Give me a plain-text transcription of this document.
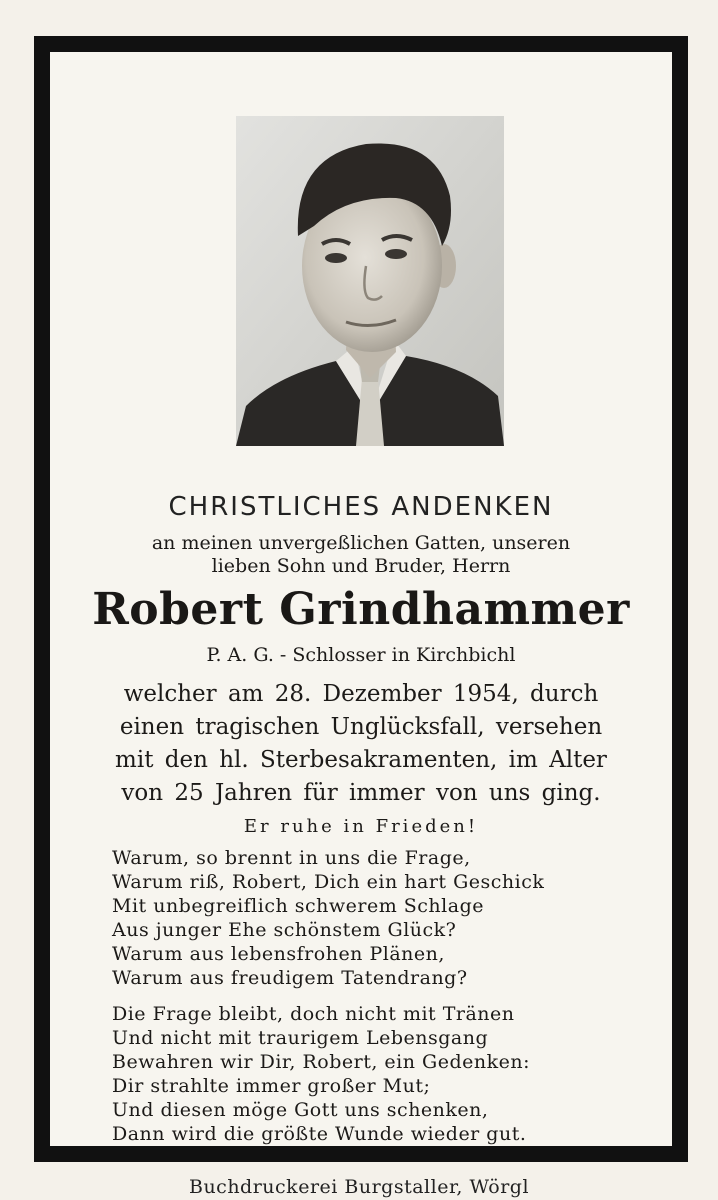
CHRISTLICHES ANDENKEN
an meinen unvergeßlichen Gatten, unseren
lieben Sohn und Bruder, Herrn
Robert Grindhammer
P. A. G. - Schlosser in Kirchbichl
welcher am 28. Dezember 1954, durch
einen tragischen Unglücksfall, versehen
mit den hl. Sterbesakramenten, im Alter
von 25 Jahren für immer von uns ging.
Er ruhe in Frieden!
Warum, so brennt in uns die Frage,
Warum riß, Robert, Dich ein hart Geschick
Mit unbegreiflich schwerem Schlage
Aus junger Ehe schönstem Glück?
Warum aus lebensfrohen Plänen,
Warum aus freudigem Tatendrang?
Die Frage bleibt, doch nicht mit Tränen
Und nicht mit traurigem Lebensgang
Bewahren wir Dir, Robert, ein Gedenken:
Dir strahlte immer großer Mut;
Und diesen möge Gott uns schenken,
Dann wird die größte Wunde wieder gut.
Buchdruckerei Burgstaller, Wörgl
